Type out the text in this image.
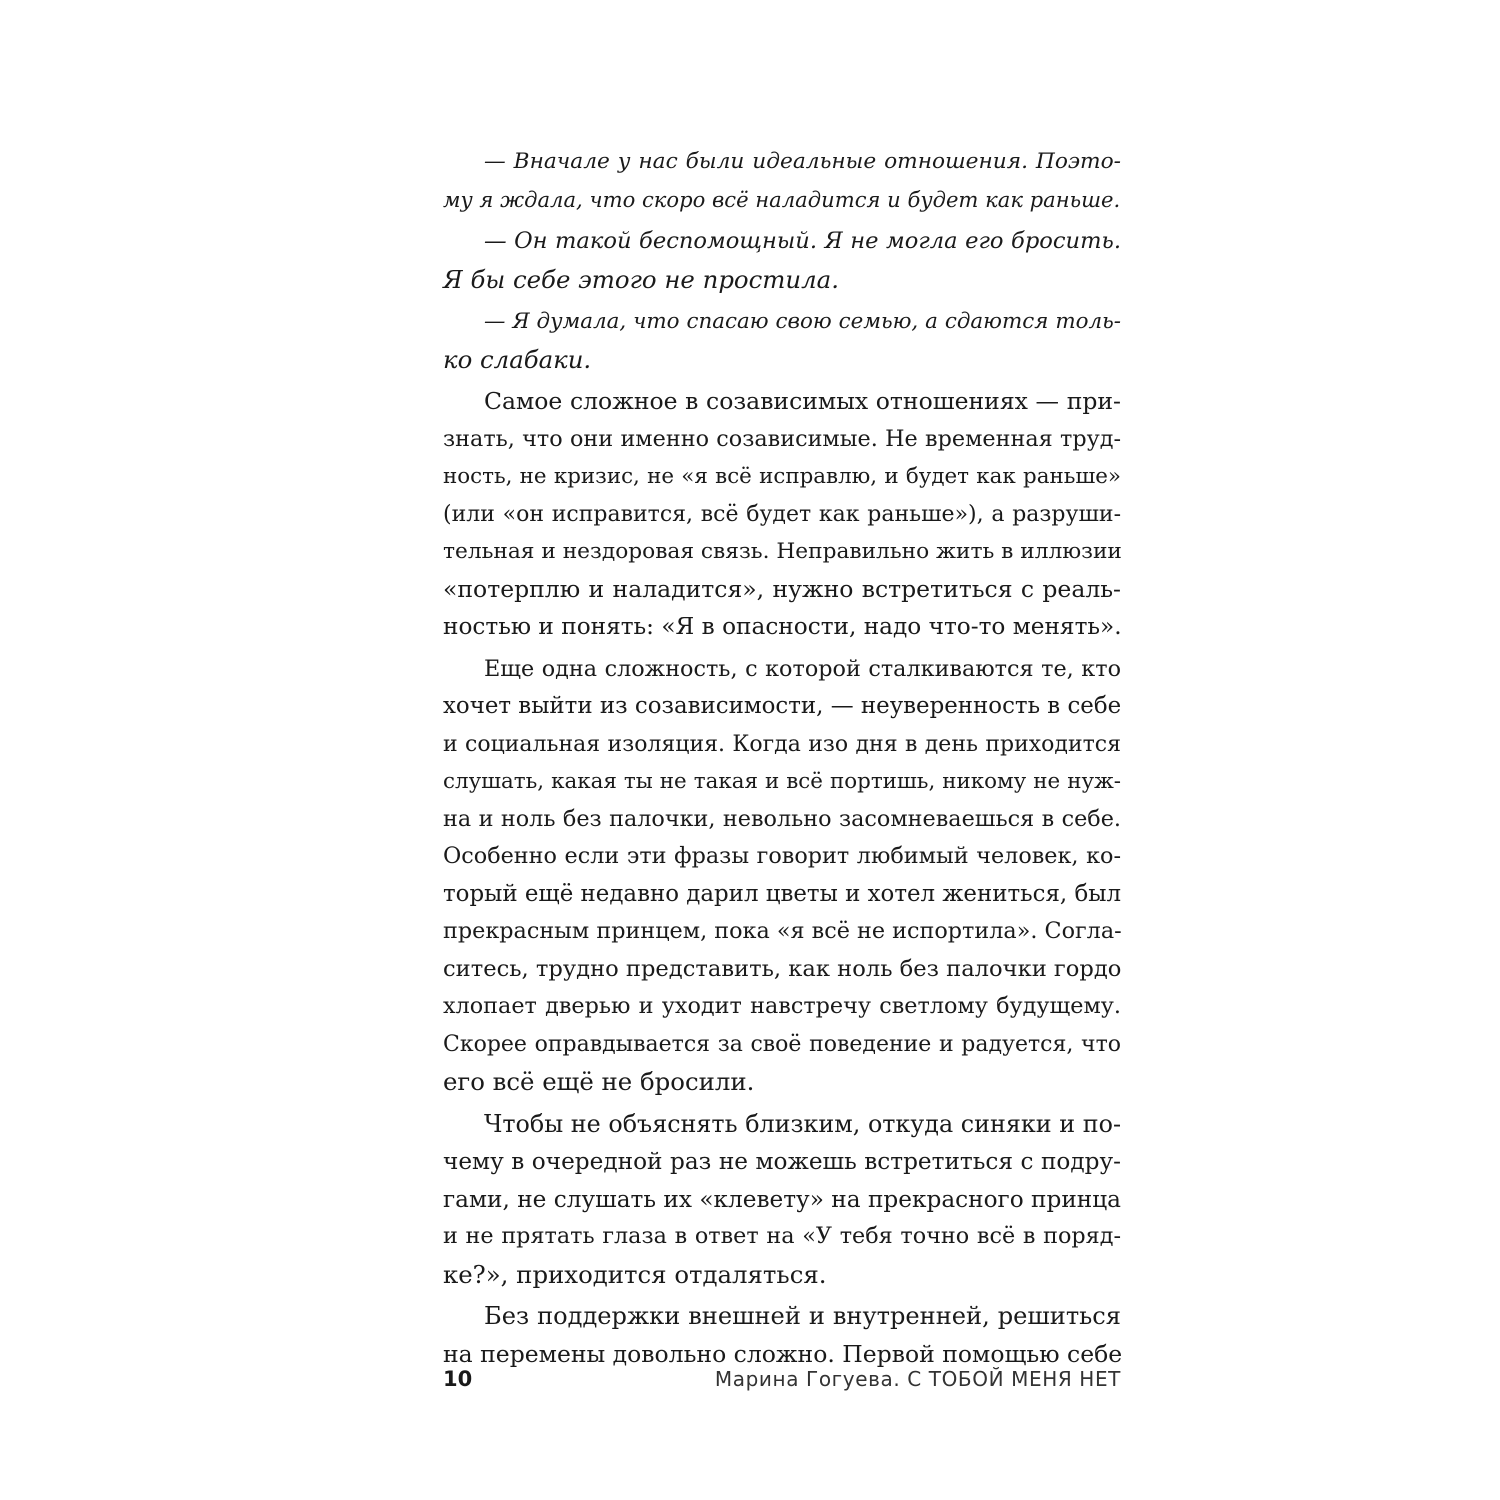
— Вначале у нас были идеальные отношения. Поэто-
му я ждала, что скоро всё наладится и будет как раньше.
— Он такой беспомощный. Я не могла его бросить.
Я бы себе этого не простила.
— Я думала, что спасаю свою семью, а сдаются толь-
ко слабаки.
Самое сложное в созависимых отношениях — при-
знать, что они именно созависимые. Не временная труд-
ность, не кризис, не «я всё исправлю, и будет как раньше»
(или «он исправится, всё будет как раньше»), а разруши-
тельная и нездоровая связь. Неправильно жить в иллюзии
«потерплю и наладится», нужно встретиться с реаль-
ностью и понять: «Я в опасности, надо что-то менять».
Еще одна сложность, с которой сталкиваются те, кто
хочет выйти из созависимости, — неуверенность в себе
и социальная изоляция. Когда изо дня в день приходится
слушать, какая ты не такая и всё портишь, никому не нуж-
на и ноль без палочки, невольно засомневаешься в себе.
Особенно если эти фразы говорит любимый человек, ко-
торый ещё недавно дарил цветы и хотел жениться, был
прекрасным принцем, пока «я всё не испортила». Согла-
ситесь, трудно представить, как ноль без палочки гордо
хлопает дверью и уходит навстречу светлому будущему.
Скорее оправдывается за своё поведение и радуется, что
его всё ещё не бросили.
Чтобы не объяснять близким, откуда синяки и по-
чему в очередной раз не можешь встретиться с подру-
гами, не слушать их «клевету» на прекрасного принца
и не прятать глаза в ответ на «У тебя точно всё в поряд-
ке?», приходится отдаляться.
Без поддержки внешней и внутренней, решиться
на перемены довольно сложно. Первой помощью себе
10	Марина Гогуева. С ТОБОЙ МЕНЯ НЕТ
